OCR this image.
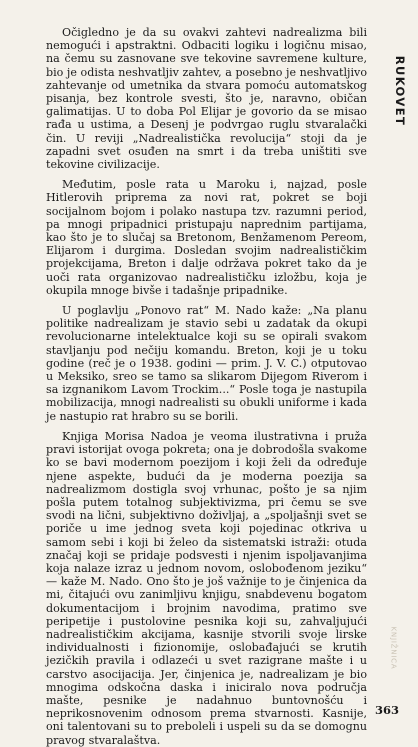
Očigledno je da su ovakvi zahtevi nadrealizma bili nemogući i apstraktni. Odbaciti logiku i logičnu misao, na čemu su zasnovane sve tekovine savremene kulture, bio je odista neshvatljiv zahtev, a posebno je neshvatljivo zahtevanje od umetnika da stvara pomoću automatskog pisanja, bez kontrole svesti, što je, naravno, običan galimatijas. U to doba Pol Elijar je govorio da se misao rađa u ustima, a Desenj je podvrgao ruglu stvaralački čin. U reviji „Nadrealistička revolucija“ stoji da je zapadni svet osuđen na smrt i da treba uništiti sve tekovine civilizacije.

Međutim, posle rata u Maroku i, najzad, posle Hitlerovih priprema za novi rat, pokret se boji socijalnom bojom i polako nastupa tzv. razumni period, pa mnogi pripadnici pristupaju naprednim partijama, kao što je to slučaj sa Bretonom, Benžamenom Pereom, Elijarom i durgima. Dosledan svojim nadrealističkim projekcijama, Breton i dalje održava pokret tako da je uoči rata organizovao nadrealističku izložbu, koja je okupila mnoge bivše i tadašnje pripadnike.

U poglavlju „Ponovo rat“ M. Nado kaže: „Na planu politike nadrealizam je stavio sebi u zadatak da okupi revolucionarne intelektualce koji su se opirali svakom stavljanju pod nečiju komandu. Breton, koji je u toku godine (reč je o 1938. godini — prim. J. V. C.) otputovao u Meksiko, sreo se tamo sa slikarom Dijegom Riverom i sa izgnanikom Lavom Trockim...“ Posle toga je nastupila mobilizacija, mnogi nadrealisti su obukli uniforme i kada je nastupio rat hrabro su se borili.

Knjiga Morisa Nadoa je veoma ilustrativna i pruža pravi istorijat ovoga pokreta; ona je dobrodošla svakome ko se bavi modernom poezijom i koji želi da određuje njene aspekte, budući da je moderna poezija sa nadrealizmom dostigla svoj vrhunac, pošto je sa njim pošla putem totalnog subjektivizma, pri čemu se sve svodi na lični, subjektivno doživljaj, a „spoljašnji svet se poriče u ime jednog sveta koji pojedinac otkriva u samom sebi i koji bi želeo da sistematski istraži: otuda značaj koji se pridaje podsvesti i njenim ispoljavanjima koja nalaze izraz u jednom novom, oslobođenom jeziku“ — kaže M. Nado. Ono što je još važnije to je činjenica da mi, čitajući ovu zanimljivu knjigu, snabdevenu bogatom dokumentacijom i brojnim navodima, pratimo sve peripetije i pustolovine pesnika koji su, zahvaljujući nadrealističkim akcijama, kasnije stvorili svoje lirske individualnosti i fizionomije, oslobađajući se krutih jezičkih pravila i odlazeći u svet razigrane mašte i u carstvo asocijacija. Jer, činjenica je, nadrealizam je bio mnogima odskočna daska i iniciralo nova područja mašte, pesnike je nadahnuo buntovnošću i neprikosnovenim odnosom prema stvarnosti. Kasnije, oni talentovani su to preboleli i uspeli su da se domognu pravog stvaralaštva.

RUKOVET
KNJIŽNICA
363
